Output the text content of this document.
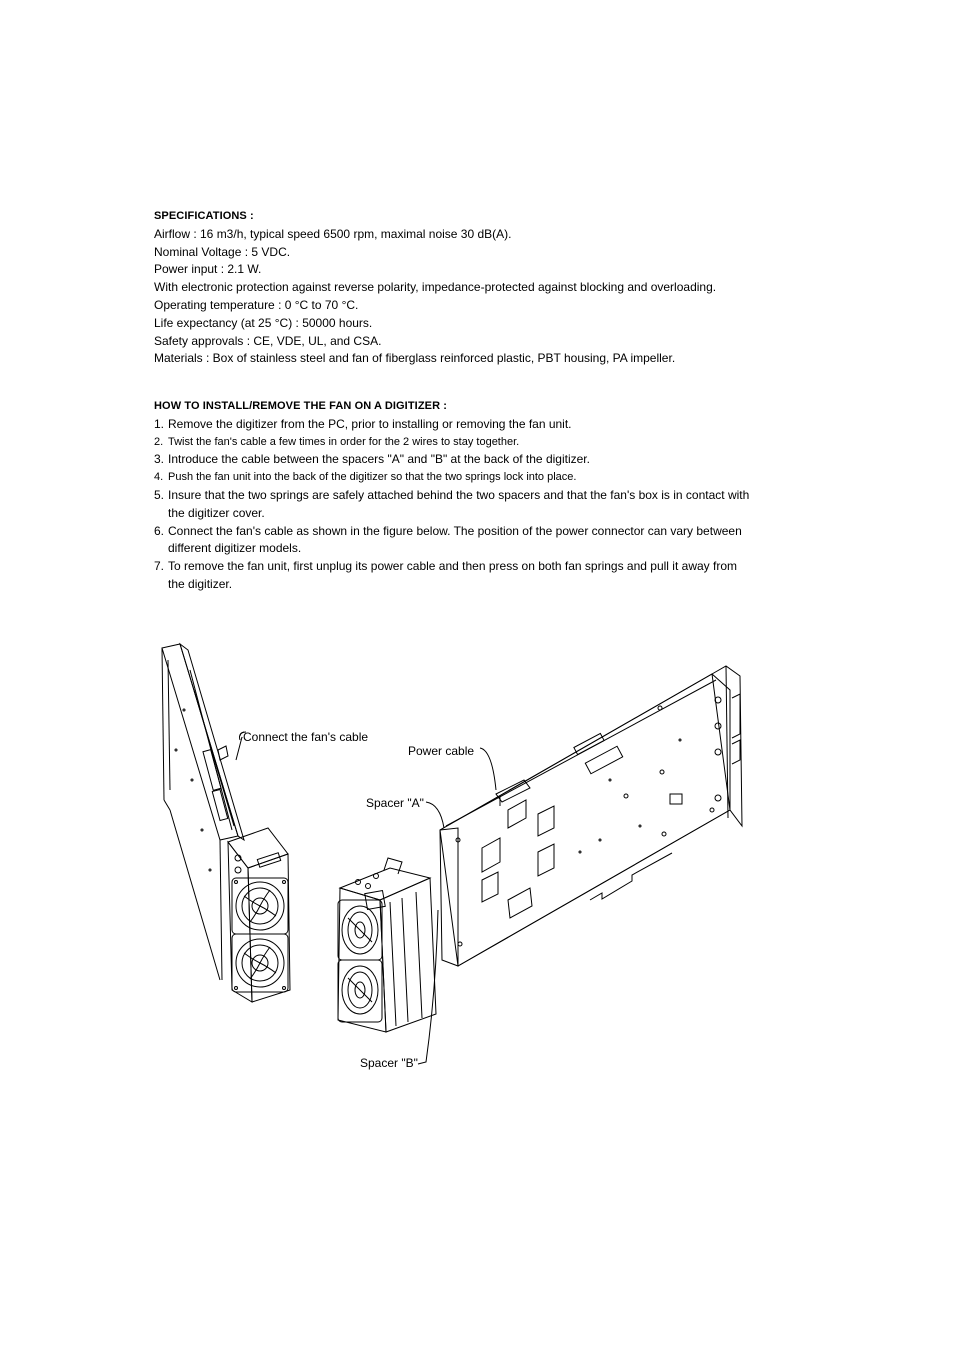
SPECIFICATIONS :
Airflow : 16 m3/h, typical speed 6500 rpm, maximal noise 30 dB(A).
Nominal Voltage : 5 VDC.
Power input : 2.1 W.
With electronic protection against reverse polarity, impedance-protected against blocking and overloading.
Operating temperature : 0 °C to 70 °C.
Life expectancy (at 25 °C) : 50000 hours.
Safety approvals : CE, VDE, UL, and CSA.
Materials : Box of stainless steel and fan of fiberglass reinforced plastic, PBT housing, PA impeller.
HOW TO INSTALL/REMOVE THE FAN ON A DIGITIZER :
1. Remove the digitizer from the PC, prior to installing or removing the fan unit.
2. Twist the fan's cable a few times in order for the 2 wires to stay together.
3. Introduce the cable between the spacers "A" and "B" at the back of the digitizer.
4. Push the fan unit into the back of the digitizer so that the two springs lock into place.
5. Insure that the two springs are safely attached behind the two spacers and that the fan's box is in contact with the digitizer cover.
6. Connect the fan's cable as shown in the figure below. The position of the power connector can vary between different digitizer models.
7. To remove the fan unit, first unplug its power cable and then press on both fan springs and pull it away from the digitizer.
Connect the fan's cable
Power cable
Spacer "A"
Spacer "B"
